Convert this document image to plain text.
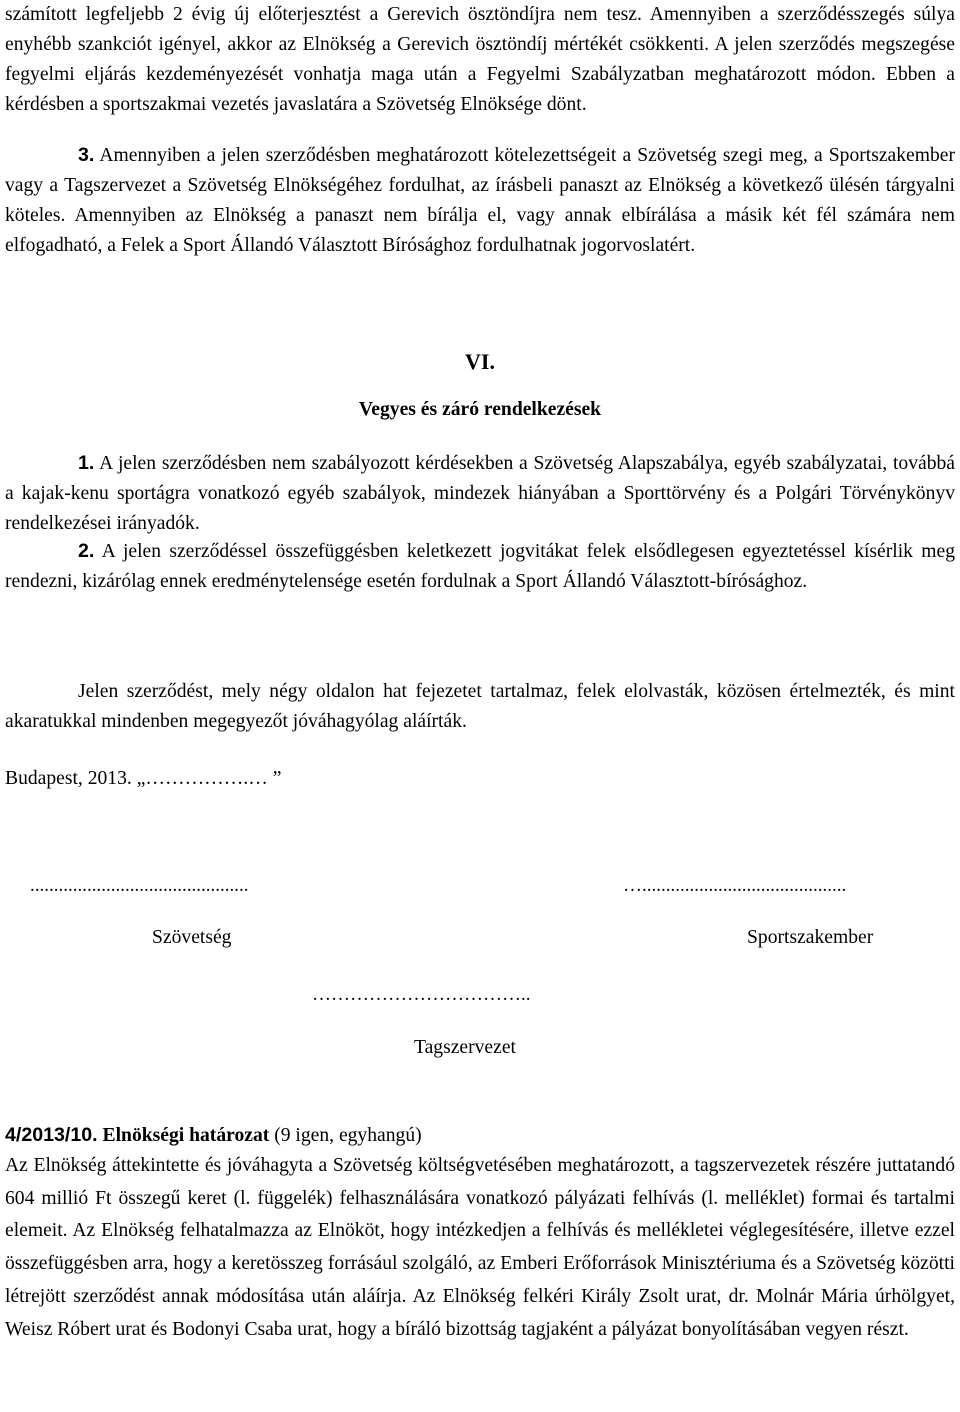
számított legfeljebb 2 évig új előterjesztést a Gerevich ösztöndíjra nem tesz. Amennyiben a szerződésszegés súlya enyhébb szankciót igényel, akkor az Elnökség a Gerevich ösztöndíj mértékét csökkenti. A jelen szerződés megszegése fegyelmi eljárás kezdeményezését vonhatja maga után a Fegyelmi Szabályzatban meghatározott módon. Ebben a kérdésben a sportszakmai vezetés javaslatára a Szövetség Elnöksége dönt.

3. Amennyiben a jelen szerződésben meghatározott kötelezettségeit a Szövetség szegi meg, a Sportszakember vagy a Tagszervezet a Szövetség Elnökségéhez fordulhat, az írásbeli panaszt az Elnökség a következő ülésén tárgyalni köteles. Amennyiben az Elnökség a panaszt nem bírálja el, vagy annak elbírálása a másik két fél számára nem elfogadható, a Felek a Sport Állandó Választott Bírósághoz fordulhatnak jogorvoslatért.

VI.
Vegyes és záró rendelkezések

1. A jelen szerződésben nem szabályozott kérdésekben a Szövetség Alapszabálya, egyéb szabályzatai, továbbá a kajak-kenu sportágra vonatkozó egyéb szabályok, mindezek hiányában a Sporttörvény és a Polgári Törvénykönyv rendelkezései irányadók.

2. A jelen szerződéssel összefüggésben keletkezett jogvitákat felek elsődlegesen egyeztetéssel kísérlik meg rendezni, kizárólag ennek eredménytelensége esetén fordulnak a Sport Állandó Választott-bírósághoz.

Jelen szerződést, mely négy oldalon hat fejezetet tartalmaz, felek elolvasták, közösen értelmezték, és mint akaratukkal mindenben megegyezőt jóváhagyólag aláírták.

Budapest, 2013. „…………….… ”

..............................................
Szövetség
…...........................................
Sportszakember
……………………………..
Tagszervezet

4/2013/10. Elnökségi határozat (9 igen, egyhangú)

Az Elnökség áttekintette és jóváhagyta a Szövetség költségvetésében meghatározott, a tagszervezetek részére juttatandó 604 millió Ft összegű keret (l. függelék) felhasználására vonatkozó pályázati felhívás (l. melléklet) formai és tartalmi elemeit. Az Elnökség felhatalmazza az Elnököt, hogy intézkedjen a felhívás és mellékletei véglegesítésére, illetve ezzel összefüggésben arra, hogy a keretösszeg forrásául szolgáló, az Emberi Erőforrások Minisztériuma és a Szövetség közötti létrejött szerződést annak módosítása után aláírja. Az Elnökség felkéri Király Zsolt urat, dr. Molnár Mária úrhölgyet, Weisz Róbert urat és Bodonyi Csaba urat, hogy a bíráló bizottság tagjaként a pályázat bonyolításában vegyen részt.
